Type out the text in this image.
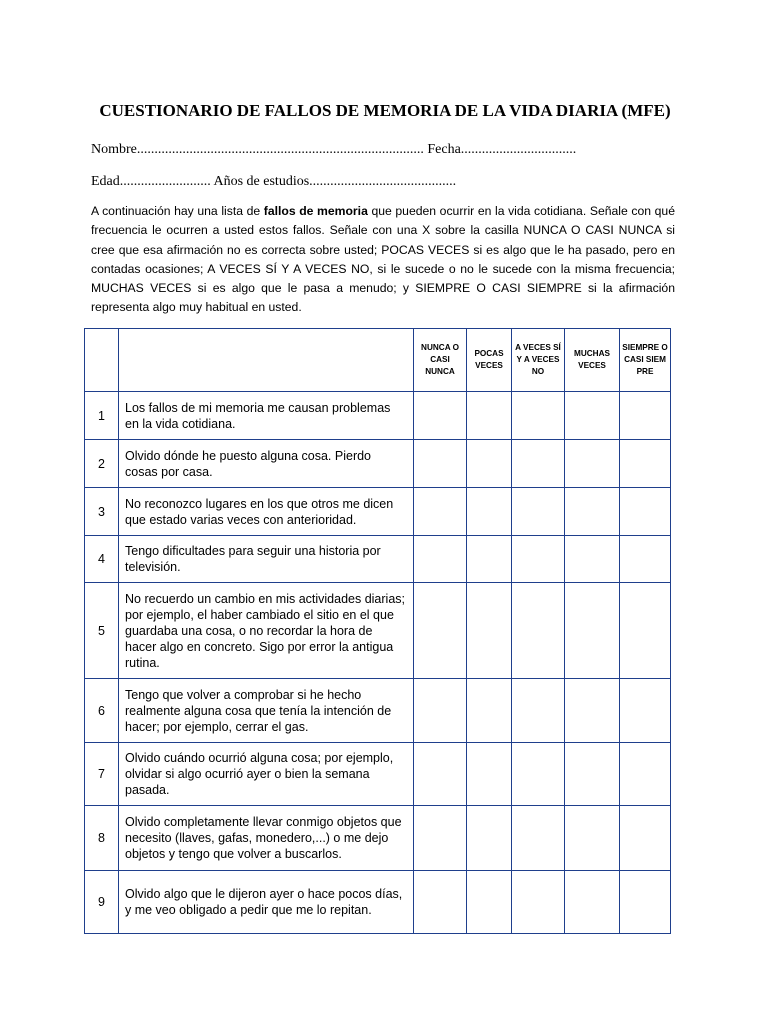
CUESTIONARIO DE FALLOS DE MEMORIA DE LA VIDA DIARIA (MFE)

Nombre.................................................................................. Fecha.................................

Edad.......................... Años de estudios..........................................

A continuación hay una lista de fallos de memoria que pueden ocurrir en la vida cotidiana. Señale con qué frecuencia le ocurren a usted estos fallos. Señale con una X sobre la casilla NUNCA O CASI NUNCA si cree que esa afirmación no es correcta sobre usted; POCAS VECES si es algo que le ha pasado, pero en contadas ocasiones; A VECES SÍ Y A VECES NO, si le sucede o no le sucede con la misma frecuencia; MUCHAS VECES si es algo que le pasa a menudo; y SIEMPRE O CASI SIEMPRE si la afirmación representa algo muy habitual en usted.

		NUNCA O CASI NUNCA	POCAS VECES	A VECES SÍ Y A VECES NO	MUCHAS VECES	SIEMPRE O CASI SIEMPRE
1	Los fallos de mi memoria me causan problemas en la vida cotidiana.					
2	Olvido dónde he puesto alguna cosa. Pierdo cosas por casa.					
3	No reconozco lugares en los que otros me dicen que estado varias veces con anterioridad.					
4	Tengo dificultades para seguir una historia por televisión.					
5	No recuerdo un cambio en mis actividades diarias; por ejemplo, el haber cambiado el sitio en el que guardaba una cosa, o no recordar la hora de hacer algo en concreto. Sigo por error la antigua rutina.					
6	Tengo que volver a comprobar si he hecho realmente alguna cosa que tenía la intención de hacer; por ejemplo, cerrar el gas.					
7	Olvido cuándo ocurrió alguna cosa; por ejemplo, olvidar si algo ocurrió ayer o bien la semana pasada.					
8	Olvido completamente llevar conmigo objetos que necesito (llaves, gafas, monedero,...) o me dejo objetos y tengo que volver a buscarlos.					
9	Olvido algo que le dijeron ayer o hace pocos días, y me veo obligado a pedir que me lo repitan.					
